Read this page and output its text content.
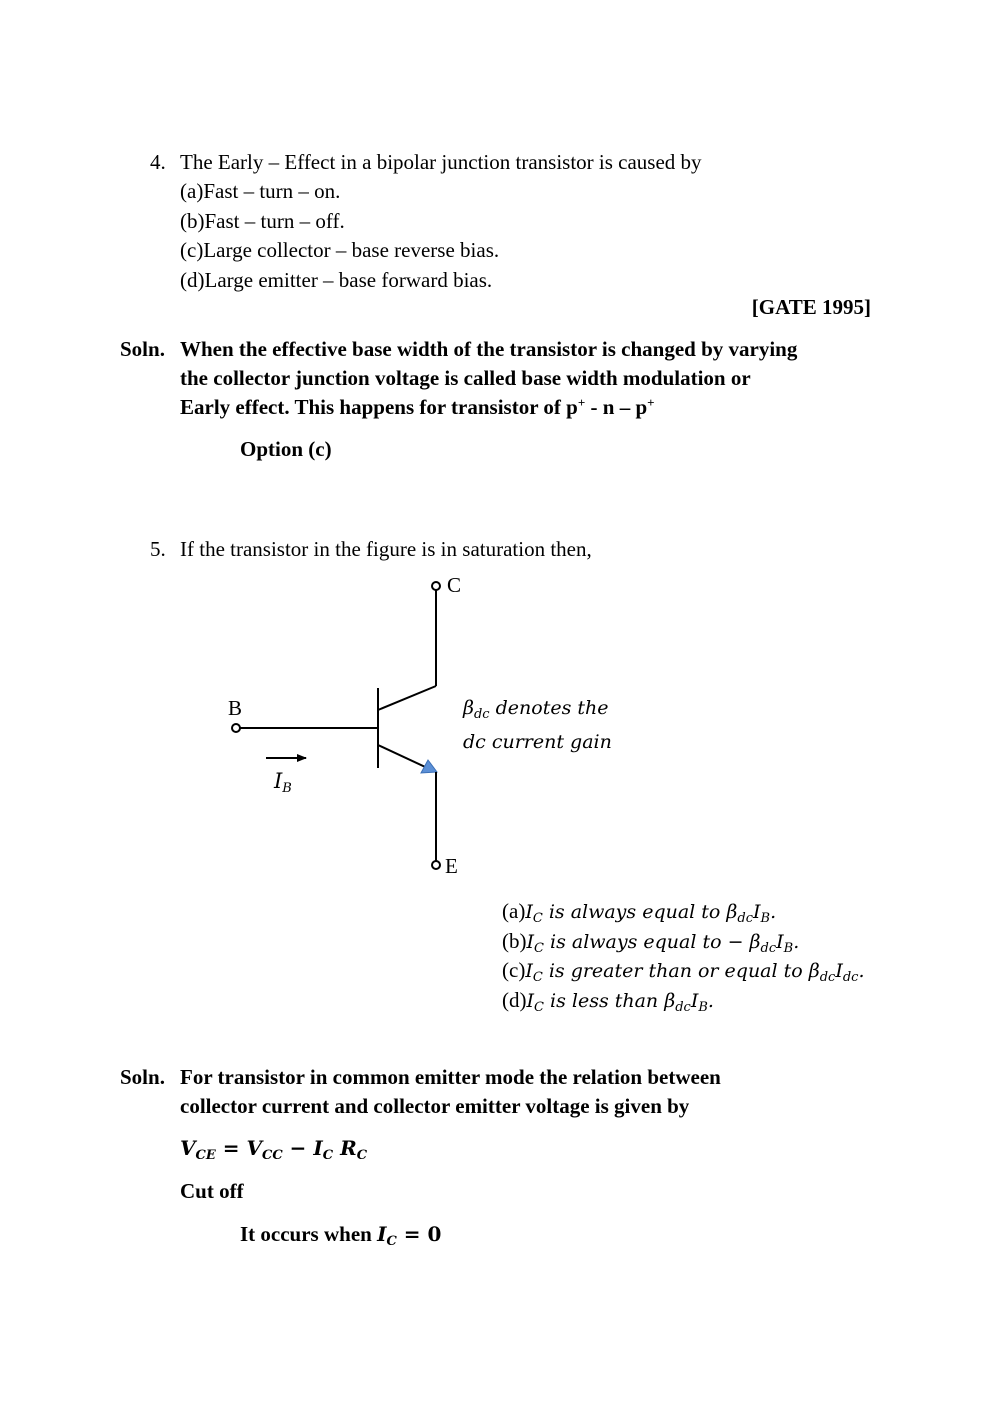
4. The Early – Effect in a bipolar junction transistor is caused by
(a)Fast – turn – on.
(b)Fast – turn – off.
(c)Large collector – base reverse bias.
(d)Large emitter – base forward bias.
[GATE 1995]
Soln. When the effective base width of the transistor is changed by varying
the collector junction voltage is called base width modulation or
Early effect. This happens for transistor of p+ - n – p+
Option (c)
5. If the transistor in the figure is in saturation then,
C
B
E
$I_B$
$\beta_{dc}$ denotes the
dc current gain
$(a)I_C$ is always equal to $\beta_{dc}I_B$.
$(b)I_C$ is always equal to − $\beta_{dc}I_B$.
$(c)I_C$ is greater than or equal to $\beta_{dc}I_{dc}$.
$(d)I_C$ is less than $\beta_{dc}I_B$.
Soln. For transistor in common emitter mode the relation between
collector current and collector emitter voltage is given by
$V_{CE} = V_{CC} - I_C$ $R_C$
Cut off
It occurs when $I_C = 0$
